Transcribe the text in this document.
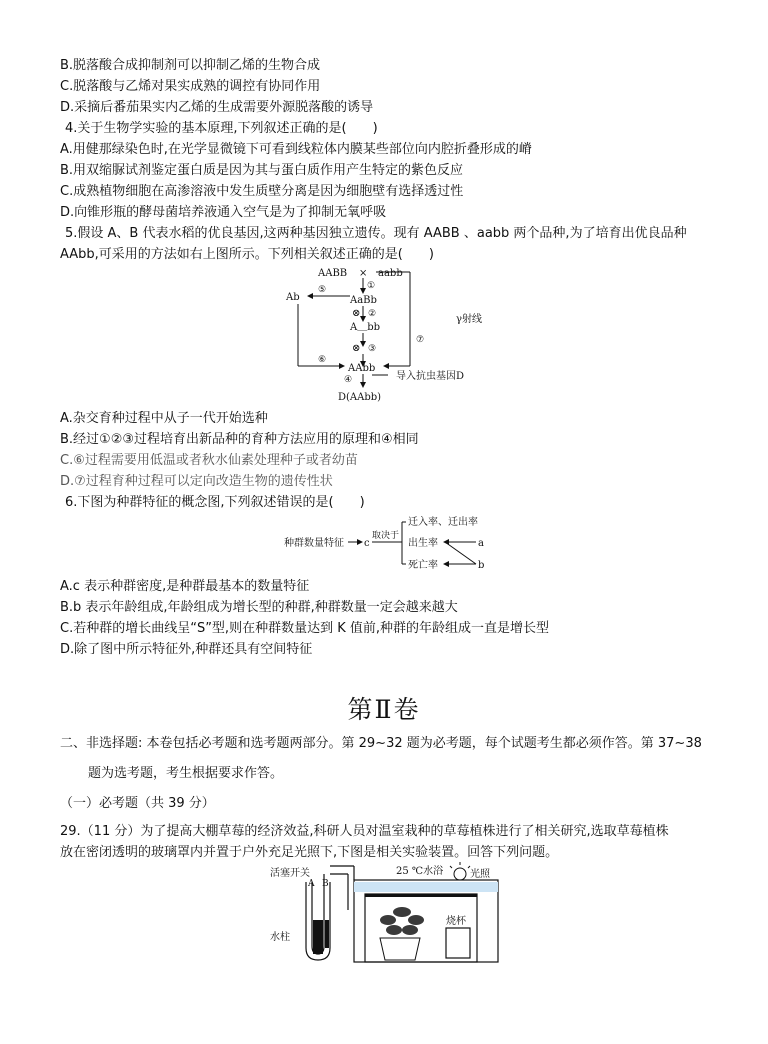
B.脱落酸合成抑制剂可以抑制乙烯的生物合成
C.脱落酸与乙烯对果实成熟的调控有协同作用
D.采摘后番茄果实内乙烯的生成需要外源脱落酸的诱导
4.关于生物学实验的基本原理,下列叙述正确的是(　　)
A.用健那绿染色时,在光学显微镜下可看到线粒体内膜某些部位向内腔折叠形成的嵴
B.用双缩脲试剂鉴定蛋白质是因为其与蛋白质作用产生特定的紫色反应
C.成熟植物细胞在高渗溶液中发生质壁分离是因为细胞壁有选择透过性
D.向锥形瓶的酵母菌培养液通入空气是为了抑制无氧呼吸
5.假设 A、B 代表水稻的优良基因,这两种基因独立遗传。现有 AABB 、aabb 两个品种,为了培育出优良品种
AAbb,可采用的方法如右上图所示。下列相关叙述正确的是(　　)
AABB × aabb
①
AaBb
Ab
⑤
⊗ ②
A＿bb
⊗ ③
⑥
⑦
γ射线
AAbb
④	导入抗虫基因D
D(AAbb)
A.杂交育种过程中从子一代开始选种
B.经过①②③过程培育出新品种的育种方法应用的原理和④相同
C.⑥过程需要用低温或者秋水仙素处理种子或者幼苗
D.⑦过程育种过程可以定向改造生物的遗传性状
6.下图为种群特征的概念图,下列叙述错误的是(　　)
种群数量特征 c
取决于
迁入率、迁出率
出生率
死亡率
a
b
A.c 表示种群密度,是种群最基本的数量特征
B.b 表示年龄组成,年龄组成为增长型的种群,种群数量一定会越来越大
C.若种群的增长曲线呈“S”型,则在种群数量达到 K 值前,种群的年龄组成一直是增长型
D.除了图中所示特征外,种群还具有空间特征
第Ⅱ卷
二、非选择题: 本卷包括必考题和选考题两部分。第 29~32 题为必考题，每个试题考生都必须作答。第 37~38
题为选考题，考生根据要求作答。
（一）必考题（共 39 分）
29.（11 分）为了提高大棚草莓的经济效益,科研人员对温室栽种的草莓植株进行了相关研究,选取草莓植株
放在密闭透明的玻璃罩内并置于户外充足光照下,下图是相关实验装置。回答下列问题。
活塞开关
A B
水柱
25 ℃水浴	光照
烧杯
